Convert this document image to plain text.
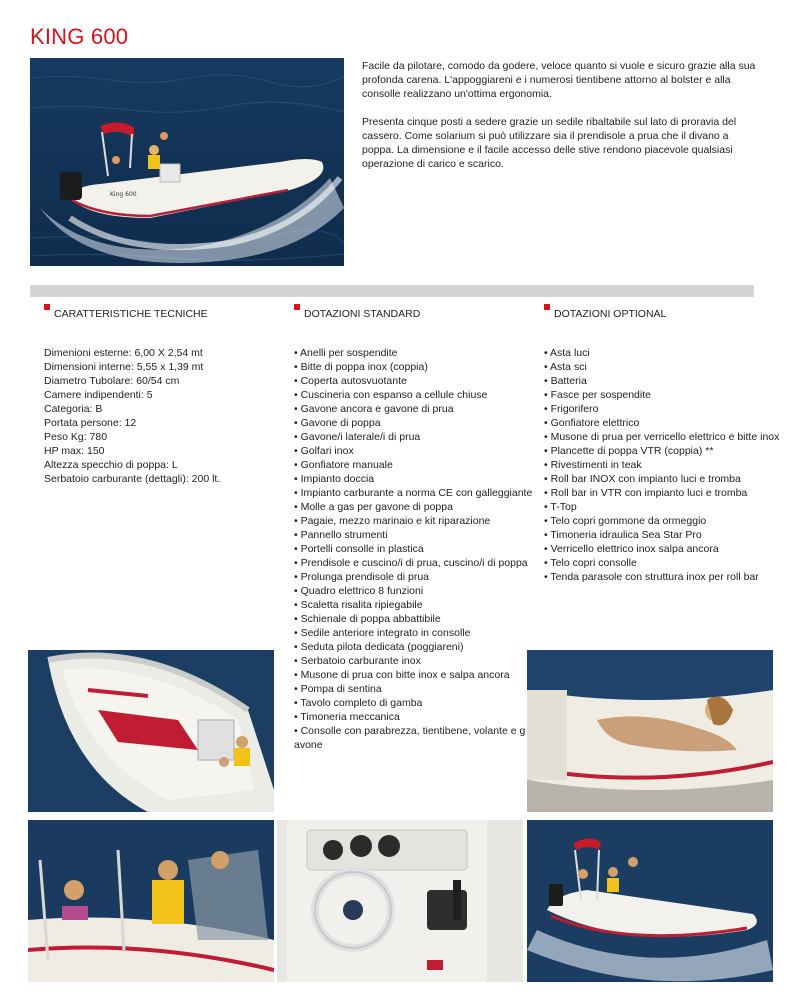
KING 600
King 600

Facile da pilotare, comodo da godere, veloce quanto si vuole e sicuro grazie alla sua profonda carena. L'appoggiareni e i numerosi tientibene attorno al bolster e alla consolle realizzano un'ottima ergonomia.

Presenta cinque posti a sedere grazie un sedile ribaltabile sul lato di proravia del cassero. Come solarium si può utilizzare sia il prendisole a prua che il divano a poppa. La dimensione e il facile accesso delle stive rendono piacevole qualsiasi operazione di carico e scarico.

CARATTERISTICHE TECNICHE
Dimenioni esterne: 6,00 X 2,54 mt
Dimensioni interne: 5,55 x 1,39 mt
Diametro Tubolare: 60/54 cm
Camere indipendenti: 5
Categoria: B
Portata persone: 12
Peso Kg: 780
HP max: 150
Altezza specchio di poppa: L
Serbatoio carburante (dettagli): 200 lt.
DOTAZIONI STANDARD
• Anelli per sospendite
• Bitte di poppa inox (coppia)
• Coperta autosvuotante
• Cuscineria con espanso a cellule chiuse
• Gavone ancora e gavone di prua
• Gavone di poppa
• Gavone/i laterale/i di prua
• Golfari inox
• Gonfiatore manuale
• Impianto doccia
• Impianto carburante a norma CE con galleggiante
• Molle a gas per gavone di poppa
• Pagaie, mezzo marinaio e kit riparazione
• Pannello strumenti
• Portelli consolle in plastica
• Prendisole e cuscino/i di prua, cuscino/i di poppa
• Prolunga prendisole di prua
• Quadro elettrico 8 funzioni
• Scaletta risalita ripiegabile
• Schienale di poppa abbattibile
• Sedile anteriore integrato in consolle
• Seduta pilota dedicata (poggiareni)
• Serbatoio carburante inox
• Musone di prua con bitte inox e salpa ancora
• Pompa di sentina
• Tavolo completo di gamba
• Timoneria meccanica
• Consolle con parabrezza, tientibene, volante e g avone
DOTAZIONI OPTIONAL
• Asta luci
• Asta sci
• Batteria
• Fasce per sospendite
• Frigorifero
• Gonfiatore elettrico
• Musone di prua per verricello elettrico e bitte inox
• Plancette di poppa VTR (coppia) **
• Rivestimenti in teak
• Roll bar INOX con impianto luci e tromba
• Roll bar in VTR con impianto luci e tromba
• T-Top
• Telo copri gommone da ormeggio
• Timoneria idraulica Sea Star Pro
• Verricello elettrico inox salpa ancora
• Telo copri consolle
• Tenda parasole con struttura inox per roll bar
